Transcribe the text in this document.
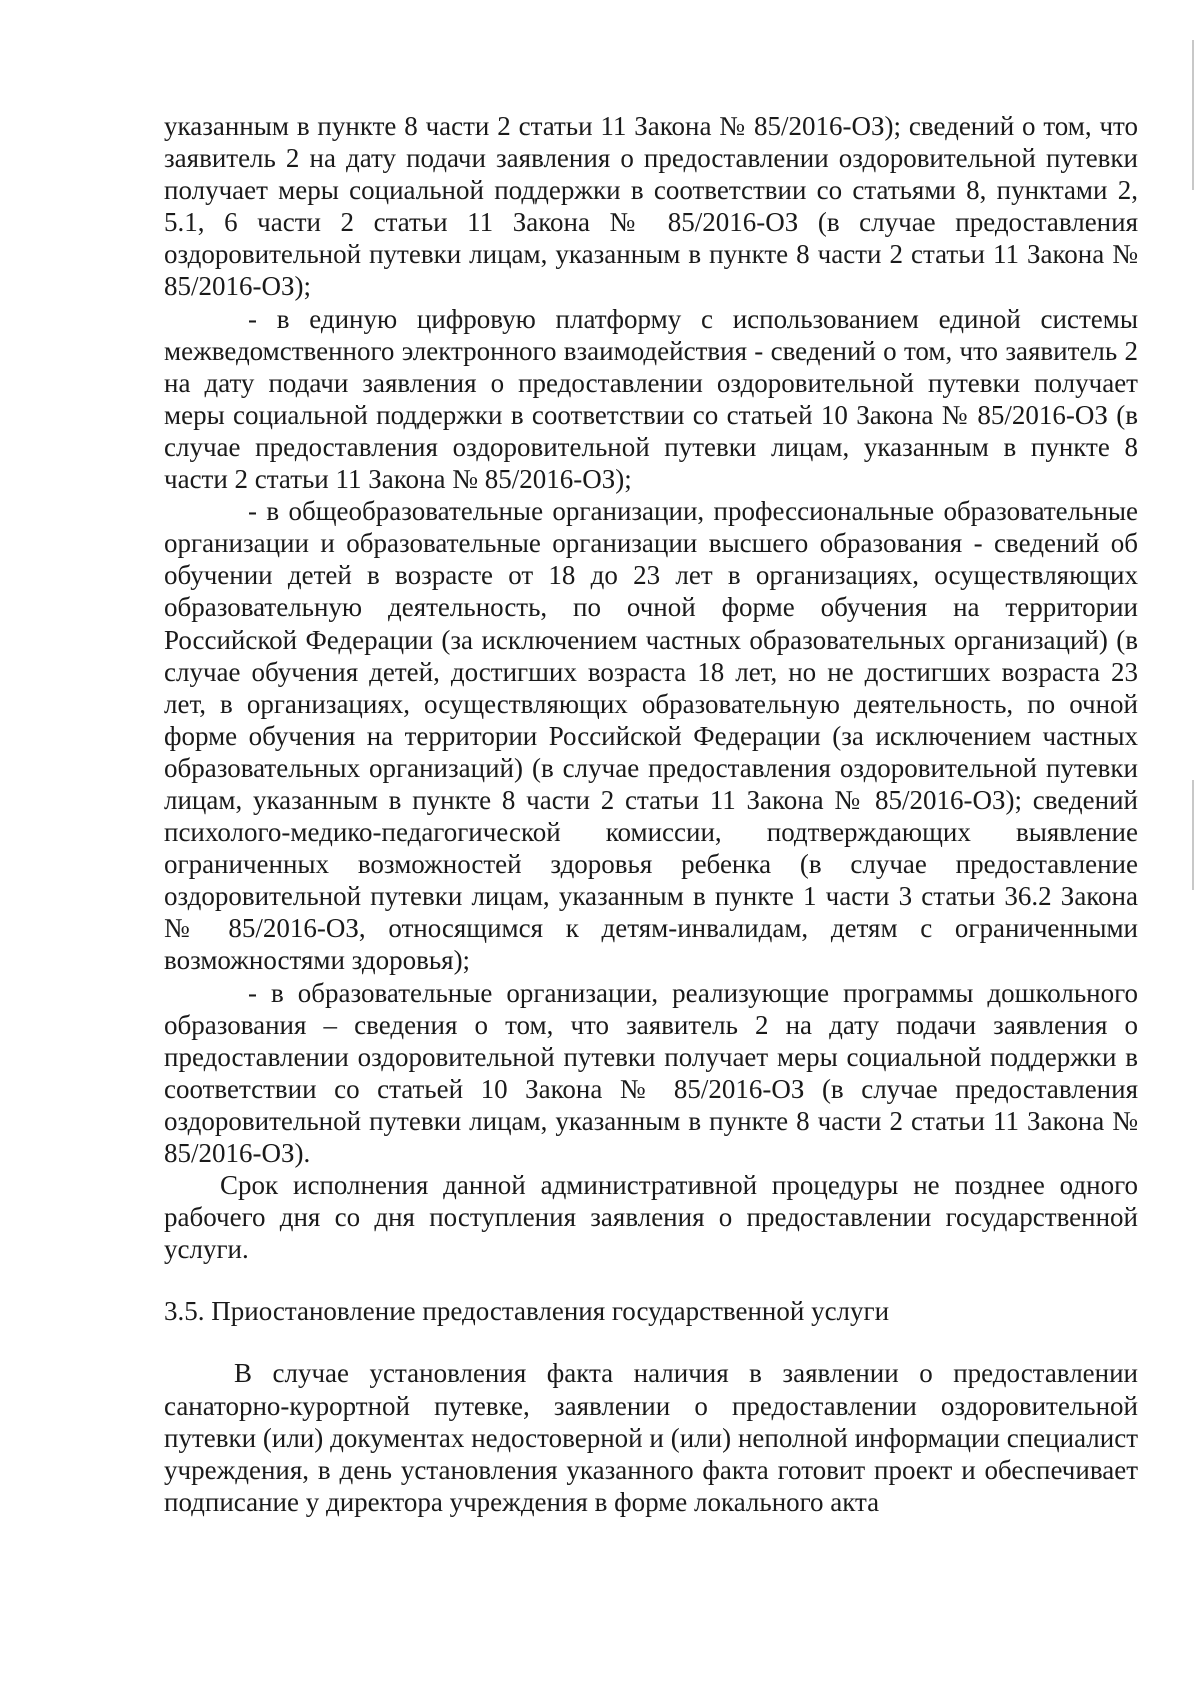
указанным в пункте 8 части 2 статьи 11 Закона № 85/2016-ОЗ); сведений о том, что заявитель 2 на дату подачи заявления о предоставлении оздоровительной путевки получает меры социальной поддержки в соответствии со статьями 8, пунктами 2, 5.1, 6 части 2 статьи 11 Закона № 85/2016-ОЗ (в случае предоставления оздоровительной путевки лицам, указанным в пункте 8 части 2 статьи 11 Закона № 85/2016-ОЗ);

- в единую цифровую платформу с использованием единой системы межведомственного электронного взаимодействия - сведений о том, что заявитель 2 на дату подачи заявления о предоставлении оздоровительной путевки получает меры социальной поддержки в соответствии со статьей 10 Закона № 85/2016-ОЗ (в случае предоставления оздоровительной путевки лицам, указанным в пункте 8 части 2 статьи 11 Закона № 85/2016-ОЗ);

- в общеобразовательные организации, профессиональные образовательные организации и образовательные организации высшего образования - сведений об обучении детей в возрасте от 18 до 23 лет в организациях, осуществляющих образовательную деятельность, по очной форме обучения на территории Российской Федерации (за исключением частных образовательных организаций) (в случае обучения детей, достигших возраста 18 лет, но не достигших возраста 23 лет, в организациях, осуществляющих образовательную деятельность, по очной форме обучения на территории Российской Федерации (за исключением частных образовательных организаций) (в случае предоставления оздоровительной путевки лицам, указанным в пункте 8 части 2 статьи 11 Закона № 85/2016-ОЗ); сведений психолого-медико-педагогической комиссии, подтверждающих выявление ограниченных возможностей здоровья ребенка (в случае предоставление оздоровительной путевки лицам, указанным в пункте 1 части 3 статьи 36.2 Закона № 85/2016-ОЗ, относящимся к детям-инвалидам, детям с ограниченными возможностями здоровья);

- в образовательные организации, реализующие программы дошкольного образования – сведения о том, что заявитель 2 на дату подачи заявления о предоставлении оздоровительной путевки получает меры социальной поддержки в соответствии со статьей 10 Закона № 85/2016-ОЗ (в случае предоставления оздоровительной путевки лицам, указанным в пункте 8 части 2 статьи 11 Закона № 85/2016-ОЗ).

Срок исполнения данной административной процедуры не позднее одного рабочего дня со дня поступления заявления о предоставлении государственной услуги.

3.5. Приостановление предоставления государственной услуги

В случае установления факта наличия в заявлении о предоставлении санаторно-курортной путевке, заявлении о предоставлении оздоровительной путевки (или) документах недостоверной и (или) неполной информации специалист учреждения, в день установления указанного факта готовит проект и обеспечивает подписание у директора учреждения в форме локального акта
